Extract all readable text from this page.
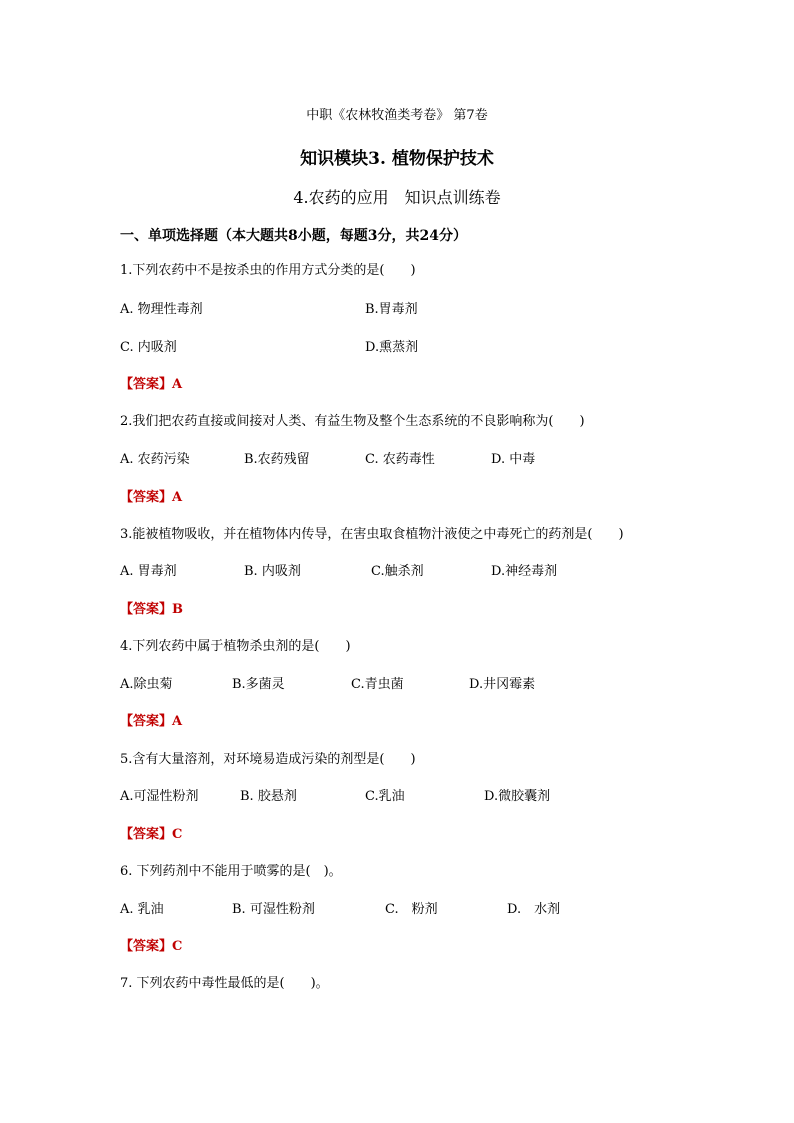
中职《农林牧渔类考卷》 第7卷
知识模块3. 植物保护技术
4.农药的应用　知识点训练卷
一、单项选择题（本大题共8小题，每题3分，共24分）
1.下列农药中不是按杀虫的作用方式分类的是(　　)
A. 物理性毒剂	B.胃毒剂
C. 内吸剂	D.熏蒸剂
【答案】A
2.我们把农药直接或间接对人类、有益生物及整个生态系统的不良影响称为(　　)
A. 农药污染	B.农药残留	C. 农药毒性	D. 中毒
【答案】A
3.能被植物吸收，并在植物体内传导，在害虫取食植物汁液使之中毒死亡的药剂是(　　)
A. 胃毒剂	B. 内吸剂	C.触杀剂	D.神经毒剂
【答案】B
4.下列农药中属于植物杀虫剂的是(　　)
A.除虫菊	B.多菌灵	C.青虫菌	D.井冈霉素
【答案】A
5.含有大量溶剂，对环境易造成污染的剂型是(　　)
A.可湿性粉剂	B. 胶悬剂	C.乳油	D.微胶囊剂
【答案】C
6. 下列药剂中不能用于喷雾的是(　)。
A. 乳油	B. 可湿性粉剂	C.　粉剂	D.　水剂
【答案】C
7. 下列农药中毒性最低的是(　　)。
